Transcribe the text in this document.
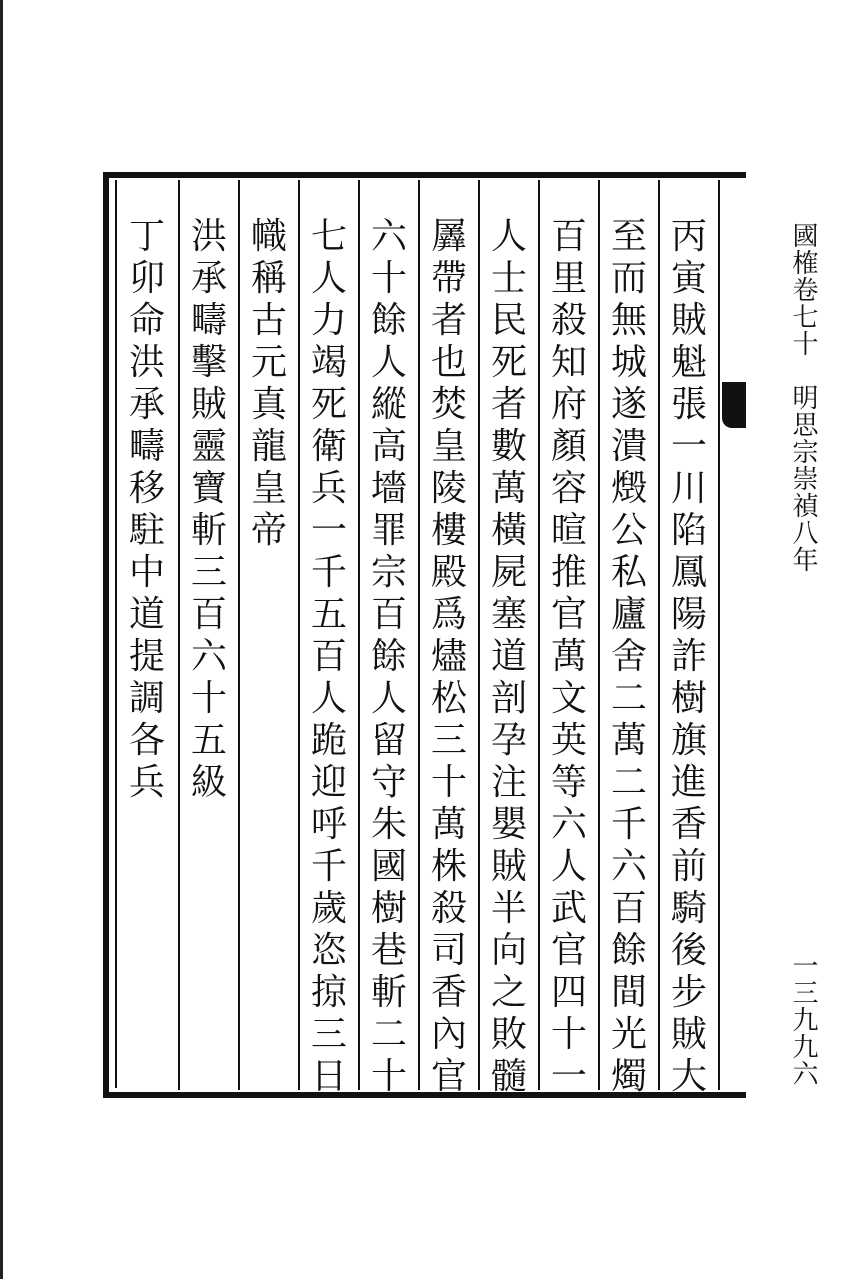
丙
寅
賊
魁
張
一
川
陷
鳳
陽
詐
樹
旗
進
香
前
騎
後
步
賊
大
至
而
無
城
遂
潰
燬
公
私
廬
舍
二
萬
二
千
六
百
餘
間
光
燭
百
里
殺
知
府
顏
容
暄
推
官
萬
文
英
等
六
人
武
官
四
十
一
人
士
民
死
者
數
萬
橫
屍
塞
道
剖
孕
注
嬰
賊
半
向
之
敗
髓
羼
帶
者
也
焚
皇
陵
樓
殿
爲
燼
松
三
十
萬
株
殺
司
香
內
官
六
十
餘
人
縱
高
墻
罪
宗
百
餘
人
留
守
朱
國
樹
巷
斬
二
十
七
人
力
竭
死
衛
兵
一
千
五
百
人
跪
迎
呼
千
歲
恣
掠
三
日
幟
稱
古
元
真
龍
皇
帝
洪
承
疇
擊
賊
靈
寶
斬
三
百
六
十
五
級
丁
卯
命
洪
承
疇
移
駐
中
道
提
調
各
兵
國榷卷七十　明思宗崇禎八年
一三九九六
